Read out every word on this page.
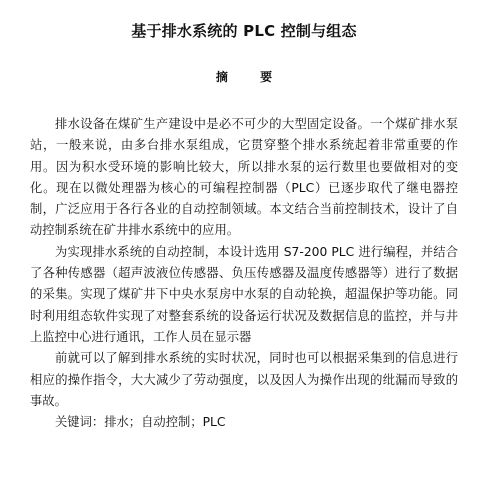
基于排水系统的 PLC 控制与组态
摘 要

排水设备在煤矿生产建设中是必不可少的大型固定设备。一个煤矿排水泵站，一般来说，由多台排水泵组成，它贯穿整个排水系统起着非常重要的作用。因为积水受环境的影响比较大，所以排水泵的运行数里也要做相对的变化。现在以微处理器为核心的可编程控制器（PLC）已逐步取代了继电器控制，广泛应用于各行各业的自动控制领域。本文结合当前控制技术，设计了自动控制系统在矿井排水系统中的应用。

为实现排水系统的自动控制，本设计选用 S7-200 PLC 进行编程，并结合了各种传感器（超声波液位传感器、负压传感器及温度传感器等）进行了数据的采集。实现了煤矿井下中央水泵房中水泵的自动轮换，超温保护等功能。同时利用组态软件实现了对整套系统的设备运行状况及数据信息的监控，并与井上监控中心进行通讯，工作人员在显示器

前就可以了解到排水系统的实时状况，同时也可以根据采集到的信息进行相应的操作指令，大大减少了劳动强度，以及因人为操作出现的纰漏而导致的事故。

关键词：排水；自动控制；PLC
